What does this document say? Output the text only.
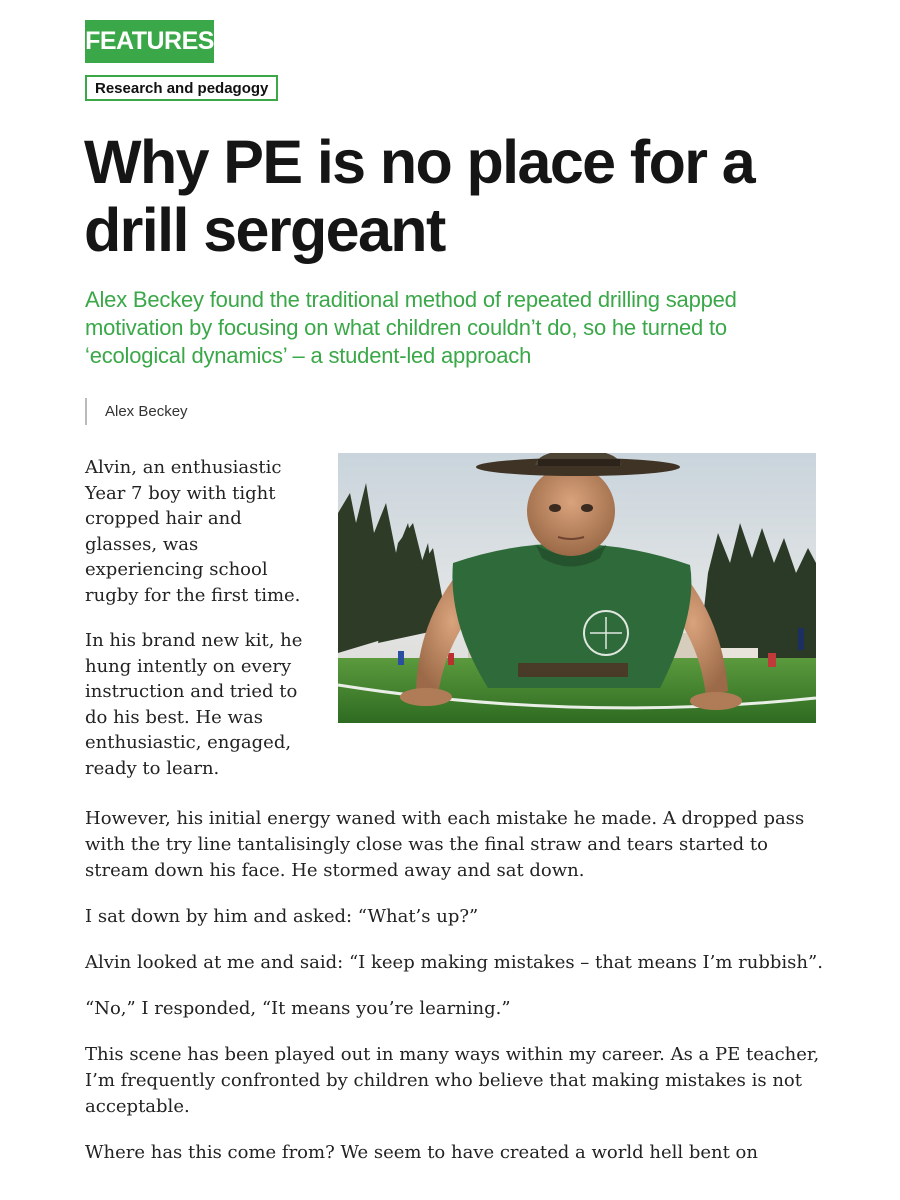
FEATURES
Research and pedagogy
Why PE is no place for a drill sergeant

Alex Beckey found the traditional method of repeated drilling sapped motivation by focusing on what children couldn’t do, so he turned to ‘ecological dynamics’ – a student-led approach

Alex Beckey

Alvin, an enthusiastic Year 7 boy with tight cropped hair and glasses, was experiencing school rugby for the first time.

In his brand new kit, he hung intently on every instruction and tried to do his best. He was enthusiastic, engaged, ready to learn.

However, his initial energy waned with each mistake he made. A dropped pass with the try line tantalisingly close was the final straw and tears started to stream down his face. He stormed away and sat down.

I sat down by him and asked: “What’s up?”

Alvin looked at me and said: “I keep making mistakes – that means I’m rubbish”.

“No,” I responded, “It means you’re learning.”

This scene has been played out in many ways within my career. As a PE teacher, I’m frequently confronted by children who believe that making mistakes is not acceptable.

Where has this come from? We seem to have created a world hell bent on
